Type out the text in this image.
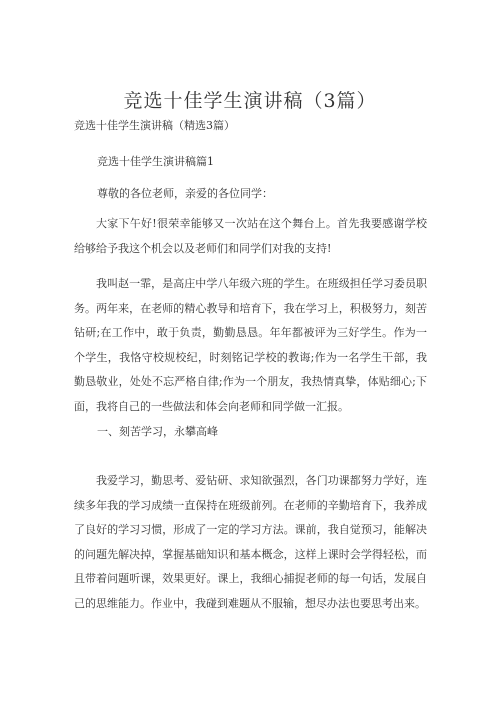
竞选十佳学生演讲稿（3篇）
竞选十佳学生演讲稿（精选3篇）
竞选十佳学生演讲稿篇1
尊敬的各位老师，亲爱的各位同学：
大家下午好!很荣幸能够又一次站在这个舞台上。首先我要感谢学校给够给予我这个机会以及老师们和同学们对我的支持!
我叫赵一霏，是高庄中学八年级六班的学生。在班级担任学习委员职务。两年来，在老师的精心教导和培育下，我在学习上，积极努力，刻苦钻研;在工作中，敢于负责，勤勤恳恳。年年都被评为三好学生。作为一个学生，我恪守校规校纪，时刻铭记学校的教诲;作为一名学生干部，我勤恳敬业，处处不忘严格自律;作为一个朋友，我热情真挚，体贴细心;下面，我将自己的一些做法和体会向老师和同学做一汇报。
一、刻苦学习，永攀高峰
我爱学习，勤思考、爱钻研、求知欲强烈，各门功课都努力学好，连续多年我的学习成绩一直保持在班级前列。在老师的辛勤培育下，我养成了良好的学习习惯，形成了一定的学习方法。课前，我自觉预习，能解决的问题先解决掉，掌握基础知识和基本概念，这样上课时会学得轻松，而且带着问题听课，效果更好。课上，我细心捕捉老师的每一句话，发展自己的思维能力。作业中，我碰到难题从不服输，想尽办法也要思考出来。
